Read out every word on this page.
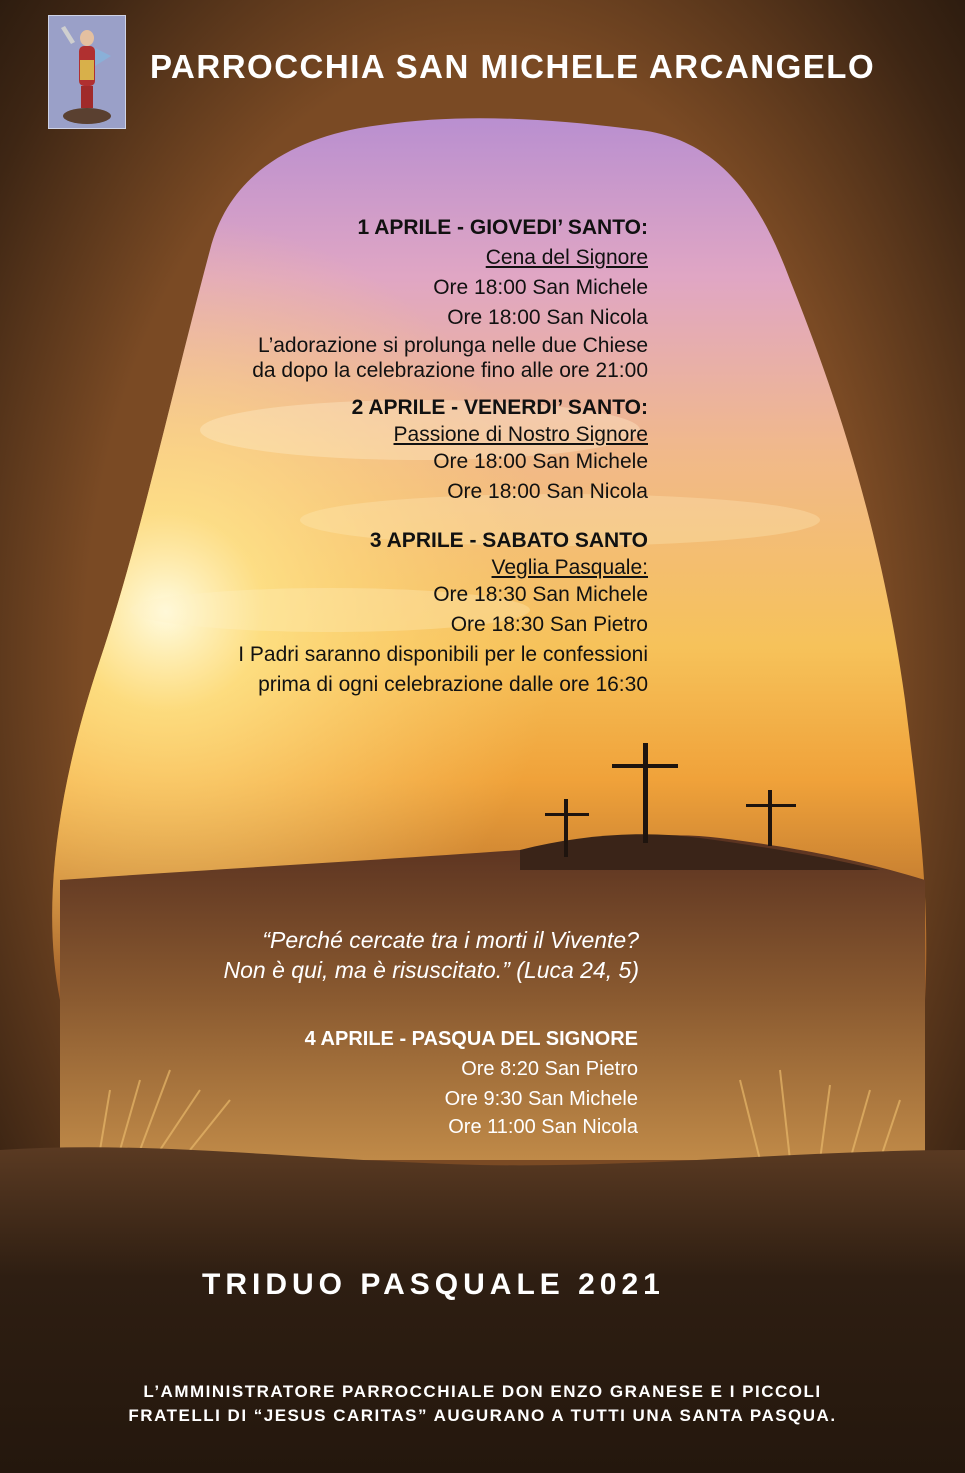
PARROCCHIA SAN MICHELE ARCANGELO
1 APRILE - GIOVEDI’ SANTO:
Cena del Signore
Ore 18:00 San Michele
Ore 18:00 San Nicola
L’adorazione si prolunga nelle due Chiese
da dopo la celebrazione fino alle ore 21:00
2 APRILE - VENERDI’ SANTO:
Passione di Nostro Signore
Ore 18:00 San Michele
Ore 18:00 San Nicola
3 APRILE - SABATO SANTO
Veglia Pasquale:
Ore 18:30 San Michele
Ore 18:30 San Pietro
I Padri saranno disponibili per le confessioni
prima di ogni celebrazione dalle ore 16:30
“Perché cercate tra i morti il Vivente?
Non è qui, ma è risuscitato.” (Luca 24, 5)
4 APRILE - PASQUA DEL SIGNORE
Ore 8:20 San Pietro
Ore 9:30 San Michele
Ore 11:00 San Nicola
TRIDUO PASQUALE 2021
L’AMMINISTRATORE PARROCCHIALE DON ENZO GRANESE E I PICCOLI
FRATELLI DI “JESUS CARITAS” AUGURANO A TUTTI UNA SANTA PASQUA.
